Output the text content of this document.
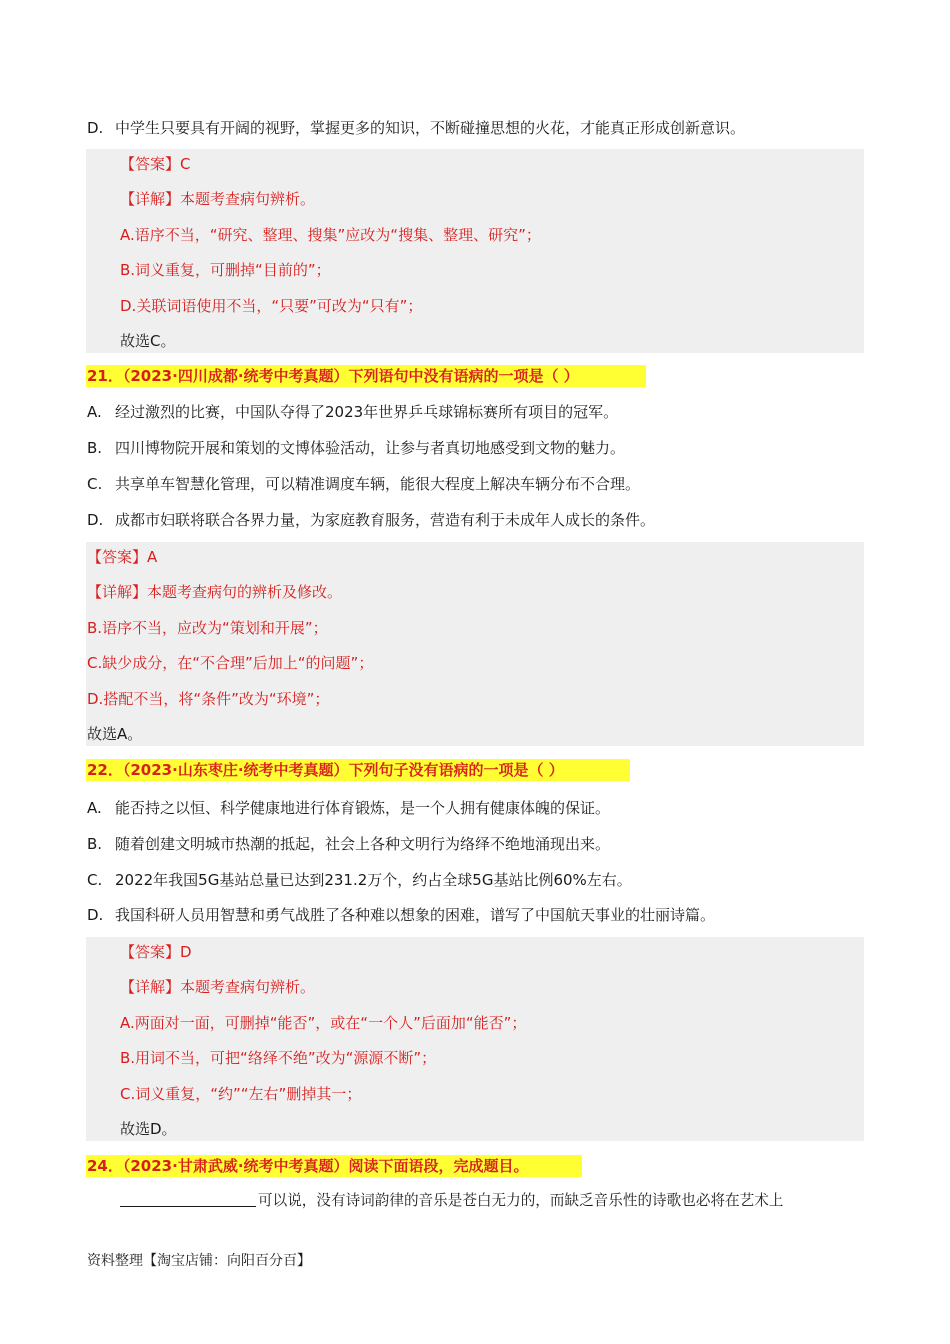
D. 中学生只要具有开阔的视野，掌握更多的知识，不断碰撞思想的火花，才能真正形成创新意识。
【答案】C
【详解】本题考查病句辨析。
A.语序不当，“研究、整理、搜集”应改为“搜集、整理、研究”；
B.词义重复，可删掉“目前的”；
D.关联词语使用不当，“只要”可改为“只有”；
故选C。
21．（2023·四川成都·统考中考真题）下列语句中没有语病的一项是（ ）
A. 经过激烈的比赛，中国队夺得了2023年世界乒乓球锦标赛所有项目的冠军。
B. 四川博物院开展和策划的文博体验活动，让参与者真切地感受到文物的魅力。
C. 共享单车智慧化管理，可以精准调度车辆，能很大程度上解决车辆分布不合理。
D. 成都市妇联将联合各界力量，为家庭教育服务，营造有利于未成年人成长的条件。
【答案】A
【详解】本题考查病句的辨析及修改。
B.语序不当，应改为“策划和开展”；
C.缺少成分，在“不合理”后加上“的问题”；
D.搭配不当，将“条件”改为“环境”；
故选A。
22．（2023·山东枣庄·统考中考真题）下列句子没有语病的一项是（ ）
A. 能否持之以恒、科学健康地进行体育锻炼，是一个人拥有健康体魄的保证。
B. 随着创建文明城市热潮的抵起，社会上各种文明行为络绎不绝地涌现出来。
C. 2022年我国5G基站总量已达到231.2万个，约占全球5G基站比例60%左右。
D. 我国科研人员用智慧和勇气战胜了各种难以想象的困难，谱写了中国航天事业的壮丽诗篇。
【答案】D
【详解】本题考查病句辨析。
A.两面对一面，可删掉“能否”，或在“一个人”后面加“能否”；
B.用词不当，可把“络绎不绝”改为“源源不断”；
C.词义重复，“约”“左右”删掉其一；
故选D。
24．（2023·甘肃武威·统考中考真题）阅读下面语段，完成题目。
可以说，没有诗词韵律的音乐是苍白无力的，而缺乏音乐性的诗歌也必将在艺术上
资料整理【淘宝店铺：向阳百分百】
